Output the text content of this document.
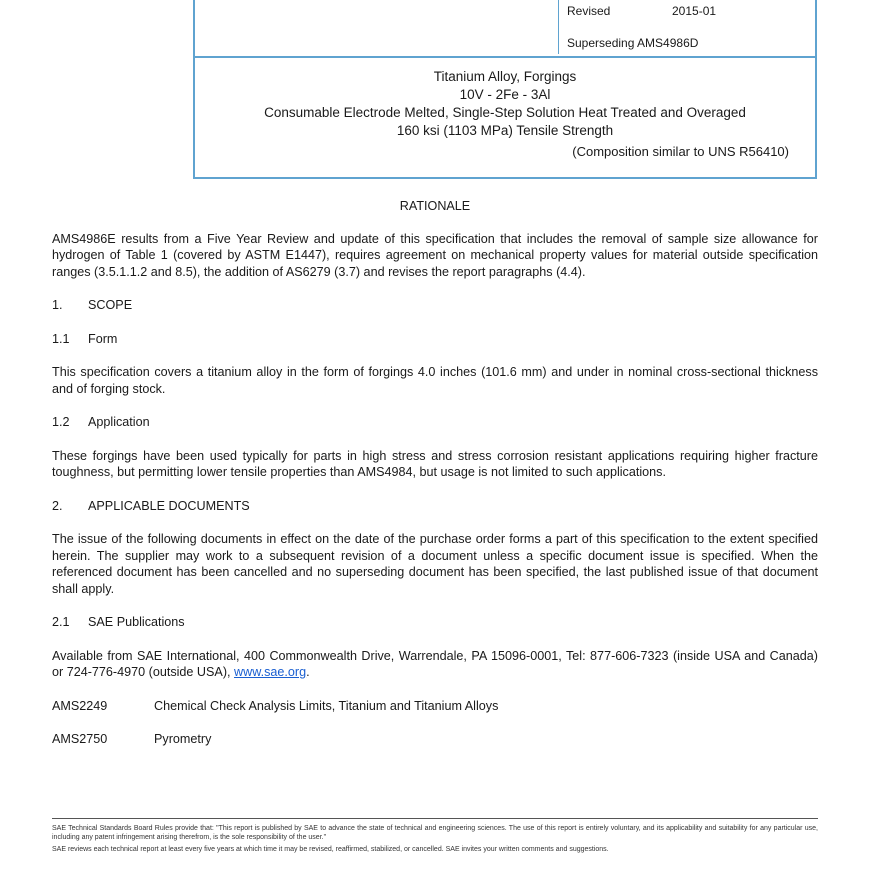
Revised	2015-01
Superseding AMS4986D
Titanium Alloy, Forgings
10V - 2Fe - 3Al
Consumable Electrode Melted, Single-Step Solution Heat Treated and Overaged
160 ksi (1103 MPa) Tensile Strength
(Composition similar to UNS R56410)
RATIONALE

AMS4986E results from a Five Year Review and update of this specification that includes the removal of sample size allowance for hydrogen of Table 1 (covered by ASTM E1447), requires agreement on mechanical property values for material outside specification ranges (3.5.1.1.2 and 8.5), the addition of AS6279 (3.7) and revises the report paragraphs (4.4).

1. SCOPE
1.1 Form

This specification covers a titanium alloy in the form of forgings 4.0 inches (101.6 mm) and under in nominal cross-sectional thickness and of forging stock.

1.2 Application

These forgings have been used typically for parts in high stress and stress corrosion resistant applications requiring higher fracture toughness, but permitting lower tensile properties than AMS4984, but usage is not limited to such applications.

2. APPLICABLE DOCUMENTS

The issue of the following documents in effect on the date of the purchase order forms a part of this specification to the extent specified herein. The supplier may work to a subsequent revision of a document unless a specific document issue is specified. When the referenced document has been cancelled and no superseding document has been specified, the last published issue of that document shall apply.

2.1 SAE Publications

Available from SAE International, 400 Commonwealth Drive, Warrendale, PA 15096-0001, Tel: 877-606-7323 (inside USA and Canada) or 724-776-4970 (outside USA), www.sae.org.

AMS2249	Chemical Check Analysis Limits, Titanium and Titanium Alloys
AMS2750	Pyrometry
SAE Technical Standards Board Rules provide that: "This report is published by SAE to advance the state of technical and engineering sciences. The use of this report is entirely voluntary, and its applicability and suitability for any particular use, including any patent infringement arising therefrom, is the sole responsibility of the user."
SAE reviews each technical report at least every five years at which time it may be revised, reaffirmed, stabilized, or cancelled. SAE invites your written comments and suggestions.
